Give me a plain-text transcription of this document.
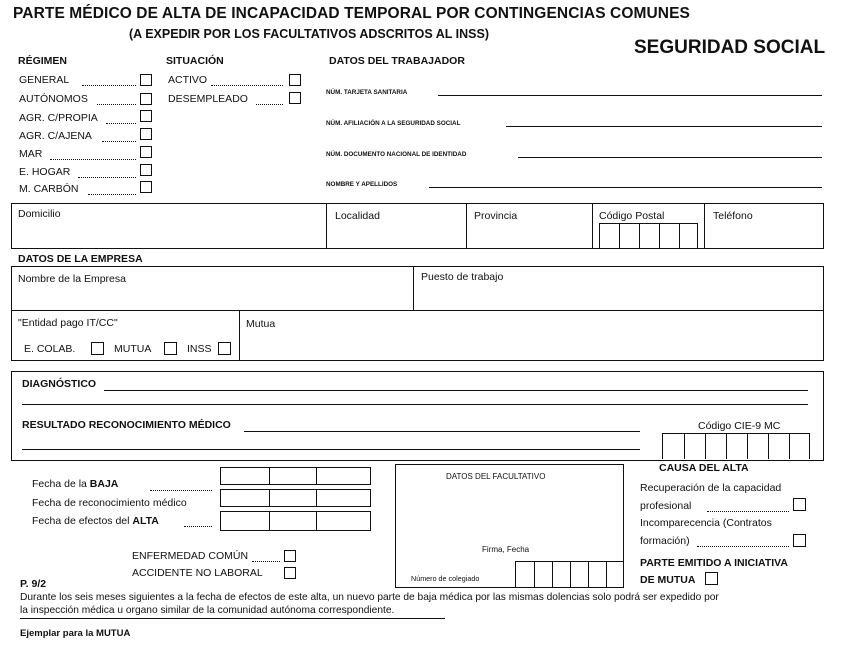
PARTE MÉDICO DE ALTA DE INCAPACIDAD TEMPORAL POR CONTINGENCIAS COMUNES
(A EXPEDIR POR LOS FACULTATIVOS ADSCRITOS AL INSS)
SEGURIDAD SOCIAL
RÉGIMEN
GENERAL
AUTÓNOMOS
AGR. C/PROPIA
AGR. C/AJENA
MAR
E. HOGAR
M. CARBÓN
SITUACIÓN
ACTIVO
DESEMPLEADO
DATOS DEL TRABAJADOR
NÚM. TARJETA SANITARIA
NÚM. AFILIACIÓN A LA SEGURIDAD SOCIAL
NÚM. DOCUMENTO NACIONAL DE IDENTIDAD
NOMBRE Y APELLIDOS
Domicilio	Localidad	Provincia	Código Postal	Teléfono
DATOS DE LA EMPRESA
Nombre de la Empresa	Puesto de trabajo
"Entidad pago IT/CC"	Mutua
E. COLAB.	MUTUA	INSS
DIAGNÓSTICO
RESULTADO RECONOCIMIENTO MÉDICO	Código CIE-9 MC
Fecha de la BAJA
Fecha de reconocimiento médico
Fecha de efectos del ALTA
ENFERMEDAD COMÚN
ACCIDENTE NO LABORAL
DATOS DEL FACULTATIVO
Firma, Fecha
Número de colegiado
CAUSA DEL ALTA
Recuperación de la capacidad
profesional
Incomparecencia (Contratos
formación)
PARTE EMITIDO A INICIATIVA
DE MUTUA
P. 9/2
Durante los seis meses siguientes a la fecha de efectos de este alta, un nuevo parte de baja médica por las mismas dolencias solo podrá ser expedido por
la inspección médica u organo similar de la comunidad autónoma correspondiente.
Ejemplar para la MUTUA
